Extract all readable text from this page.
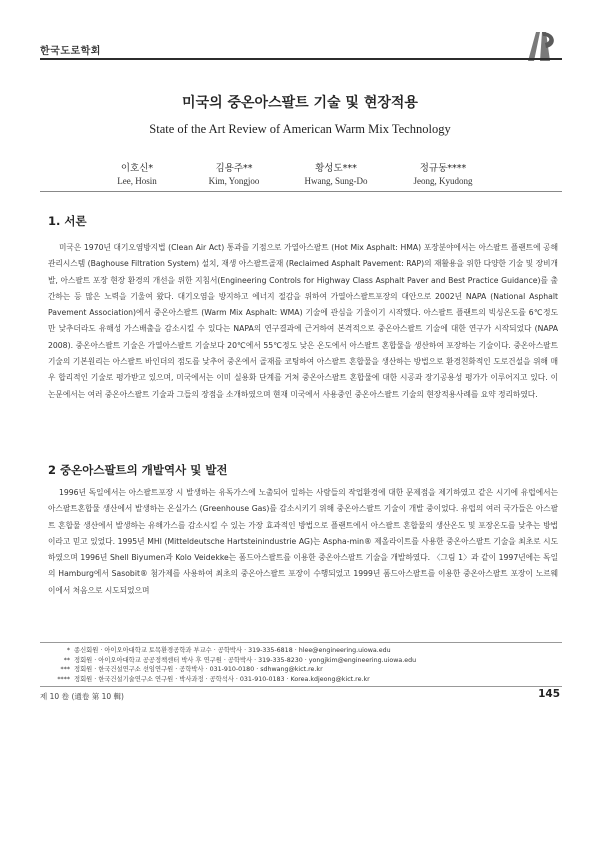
한국도로학회
미국의 중온아스팔트 기술 및 현장적용
State of the Art Review of American Warm Mix Technology
이호신*
Lee, Hosin
김용주**
Kim, Yongjoo
황성도***
Hwang, Sung-Do
정규동****
Jeong, Kyudong
1. 서론

미국은 1970년 대기오염방지법 (Clean Air Act) 통과를 기점으로 가열아스팔트 (Hot Mix Asphalt: HMA) 포장분야에서는 아스팔트 플랜트에 공해관리시스템 (Baghouse Filtration System) 설치, 재생 아스팔트골재 (Reclaimed Asphalt Pavement: RAP)의 재활용을 위한 다양한 기술 및 장비개발, 아스팔트 포장 현장 환경의 개선을 위한 지침서(Engineering Controls for Highway Class Asphalt Paver and Best Practice Guidance)를 출간하는 등 많은 노력을 기울여 왔다. 대기오염을 방지하고 에너지 절감을 위하여 가열아스팔트포장의 대안으로 2002년 NAPA (National Asphalt Pavement Association)에서 중온아스팔트 (Warm Mix Asphalt: WMA) 기술에 관심을 기울이기 시작했다. 아스팔트 플랜트의 빅싱온도를 6℃정도만 낮추더라도 유해성 가스배출을 감소시킬 수 있다는 NAPA의 연구결과에 근거하여 본격적으로 중온아스팔트 기술에 대한 연구가 시작되었다 (NAPA 2008). 중온아스팔트 기술은 가열아스팔트 기술보다 20℃에서 55℃정도 낮은 온도에서 아스팔트 혼합물을 생산하여 포장하는 기술이다. 중온아스팔트 기술의 기본원리는 아스팔트 바인더의 점도를 낮추어 중온에서 골재를 코팅하여 아스팔트 혼합물을 생산하는 방법으로 환경친화적인 도로건설을 위해 매우 합리적인 기술로 평가받고 있으며, 미국에서는 이미 실용화 단계를 거쳐 중온아스팔트 혼합물에 대한 시공과 장기공용성 평가가 이루어지고 있다. 이 논문에서는 여러 중온아스팔트 기술과 그들의 장점을 소개하였으며 현재 미국에서 사용중인 중온아스팔트 기술의 현장적용사례를 요약 정리하였다.

2 중온아스팔트의 개발역사 및 발전

1996년 독일에서는 아스팔트포장 시 발생하는 유독가스에 노출되어 일하는 사람들의 작업환경에 대한 문제점을 제기하였고 같은 시기에 유럽에서는 아스팔트혼합물 생산에서 발생하는 온실가스 (Greenhouse Gas)를 감소시키기 위해 중온아스팔트 기술이 개발 중이었다. 유럽의 여러 국가들은 아스팔트 혼합물 생산에서 발생하는 유해가스를 감소시킬 수 있는 가장 효과적인 방법으로 플랜트에서 아스팔트 혼합물의 생산온도 및 포장온도를 낮추는 방법이라고 믿고 있었다. 1995년 MHI (Mitteldeutsche Hartsteinindustrie AG)는 Aspha-min® 제올라이트를 사용한 중온아스팔트 기술을 최초로 시도하였으며 1996년 Shell Biyumen과 Kolo Veidekke는 폼드아스팔트를 이용한 중온아스팔트 기술을 개발하였다. 〈그림 1〉과 같이 1997년에는 독일의 Hamburg에서 Sasobit® 첨가제를 사용하여 최초의 중온아스팔트 포장이 수행되었고 1999년 폼드아스팔트를 이용한 중온아스팔트 포장이 노르웨이에서 처음으로 시도되었으며

* 종신회원 · 아이오아대학교 토목환경공학과 부교수 · 공학박사 · 319-335-6818 · hlee@engineering.uiowa.edu
** 정회원 · 아이오아대학교 공공정책센터 박사 후 연구원 · 공학박사 · 319-335-8230 · yongjkim@engineering.uiowa.edu
*** 정회원 · 한국건설연구소 선임연구원 · 공학박사 · 031-910-0180 · sdhwang@kict.re.kr
**** 정회원 · 한국건설기술연구소 연구원 · 박사과정 · 공학석사 · 031-910-0183 · Korea.kdjeong@kict.re.kr
제 10 卷 (通卷 第 10 輯)	145
